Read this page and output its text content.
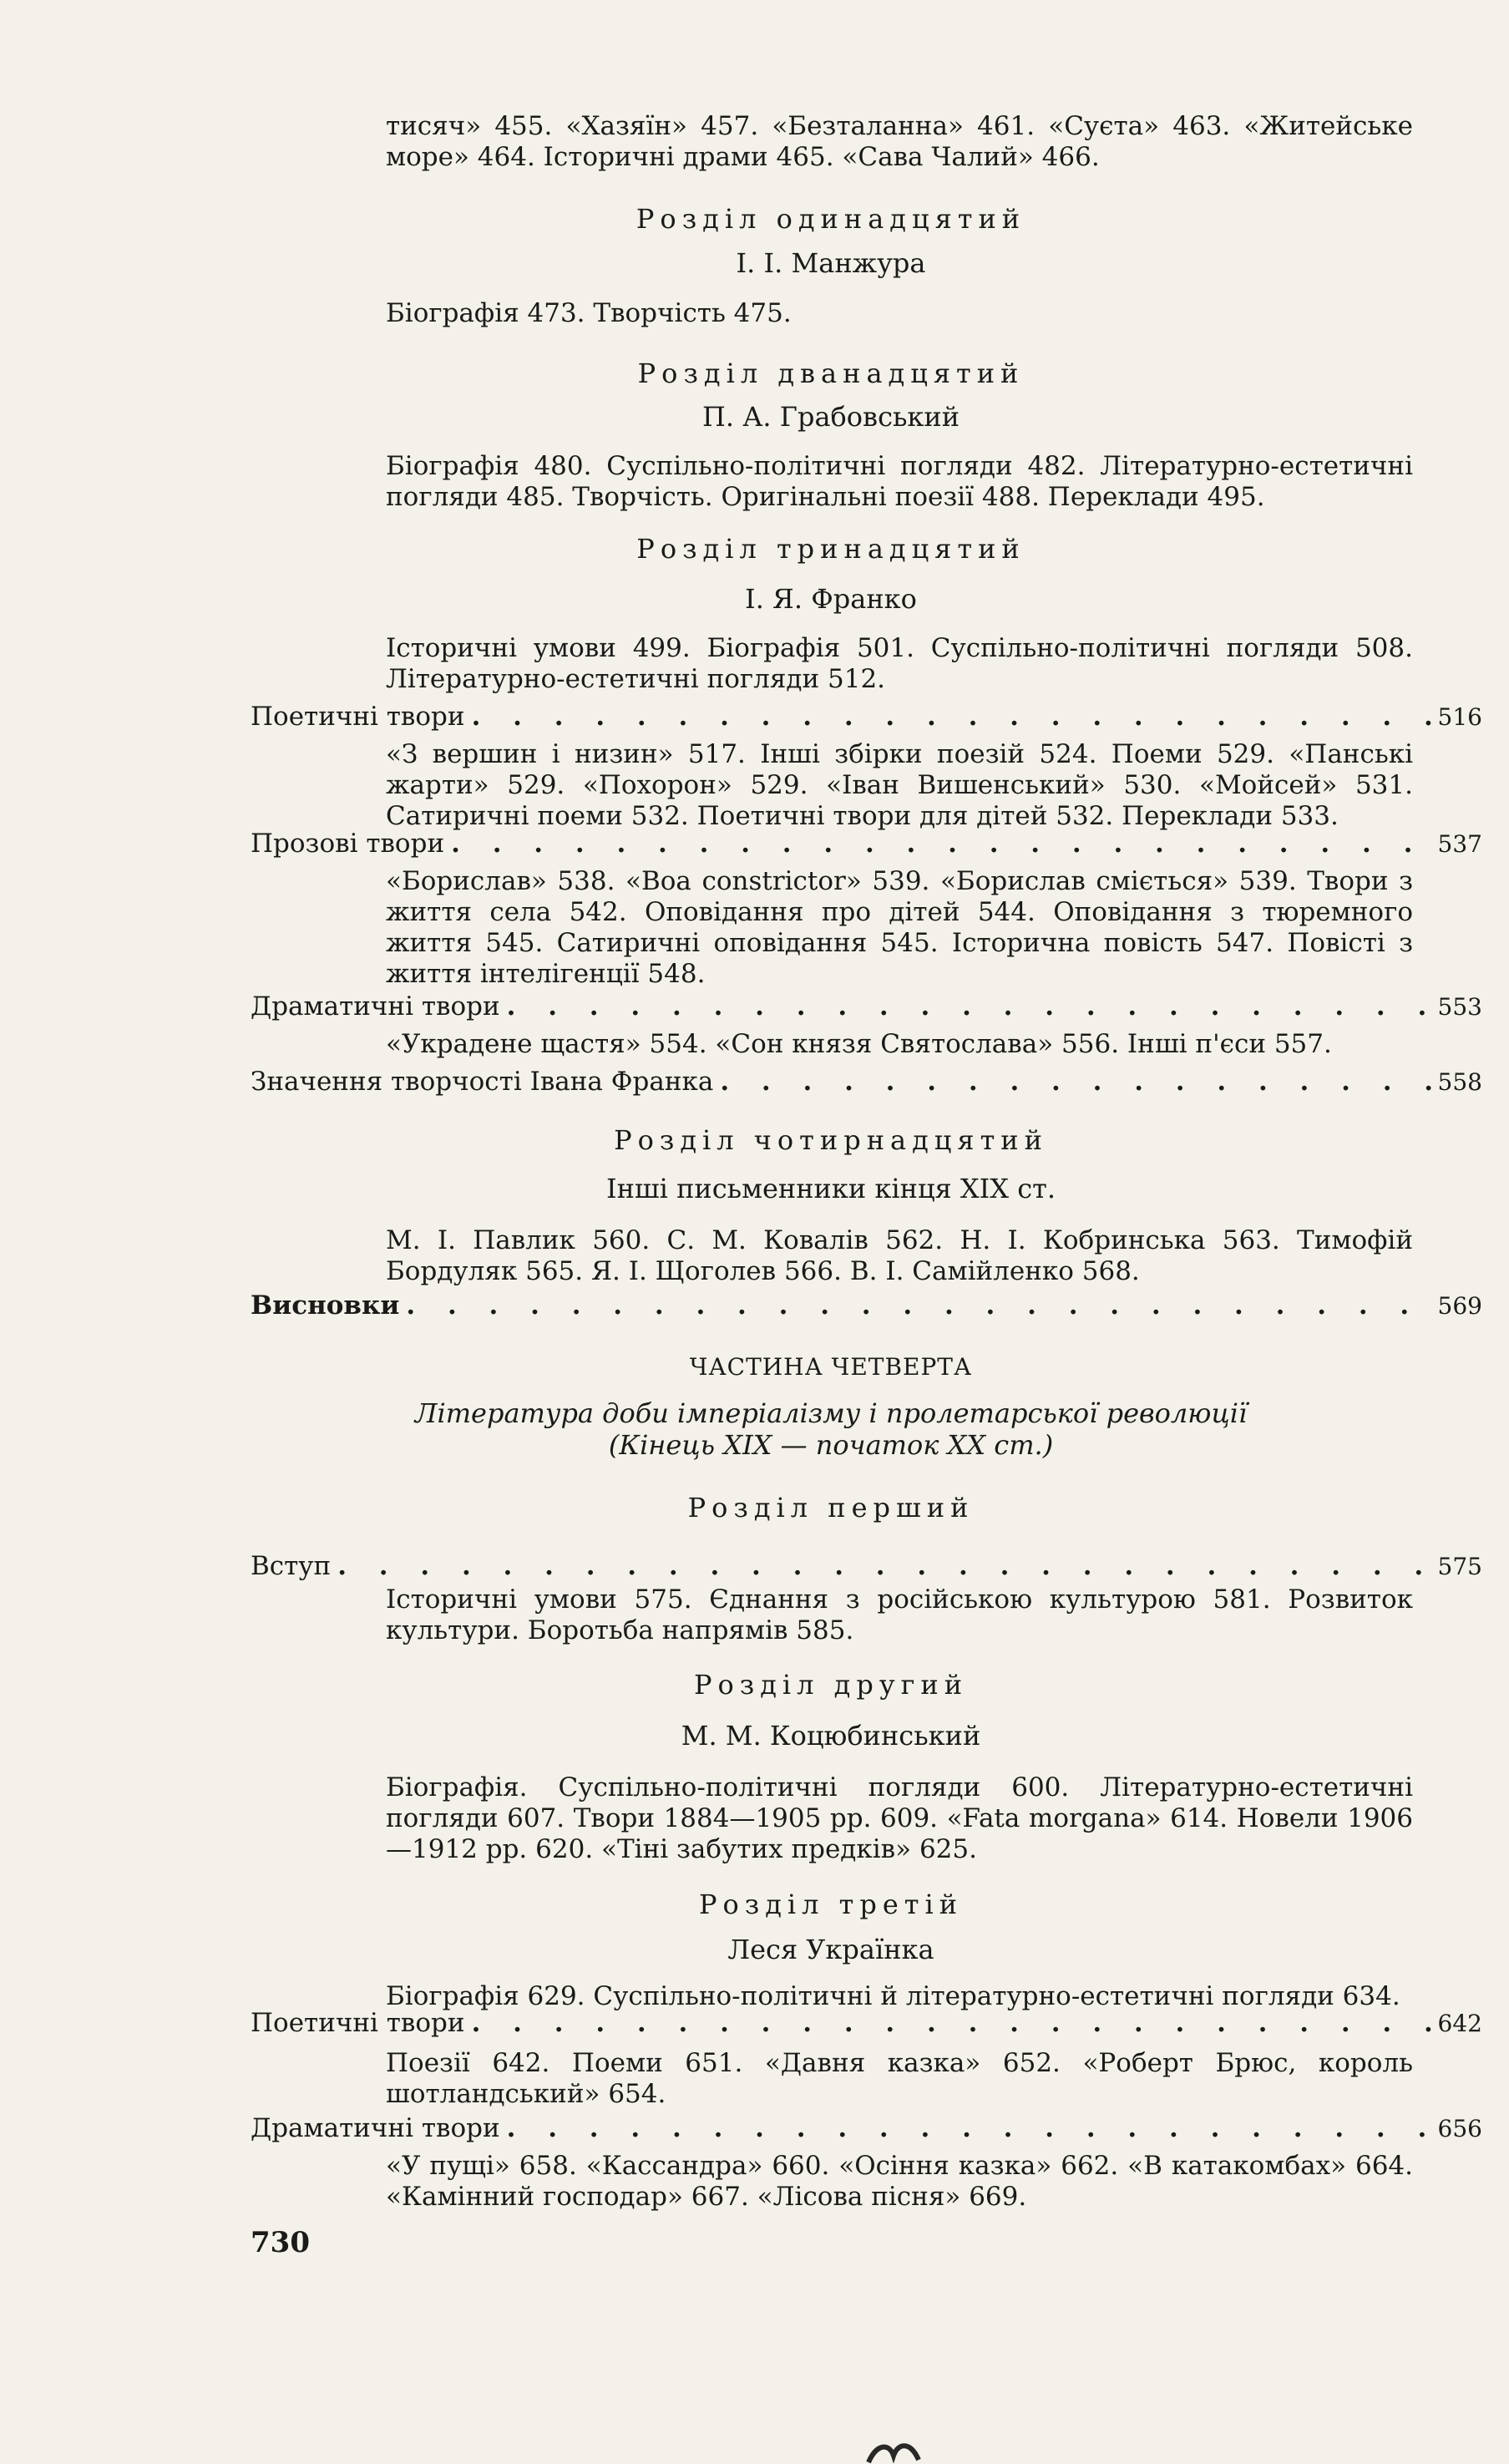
тисяч» 455. «Хазяїн» 457. «Безталанна» 461. «Суєта» 463. «Житейське море» 464. Історичні драми 465. «Сава Чалий» 466.
Розділ одинадцятий
І. І. Манжура
Біографія 473. Творчість 475.
Розділ дванадцятий
П. А. Грабовський
Біографія 480. Суспільно-політичні погляди 482. Літературно-естетичні погляди 485. Творчість. Оригінальні поезії 488. Переклади 495.
Розділ тринадцятий
І. Я. Франко
Історичні умови 499. Біографія 501. Суспільно-політичні погляди 508. Літературно-естетичні погляди 512.
Поетичні твори . . .	516
«З вершин і низин» 517. Інші збірки поезій 524. Поеми 529. «Панські жарти» 529. «Похорон» 529. «Іван Вишенський» 530. «Мойсей» 531. Сатиричні поеми 532. Поетичні твори для дітей 532. Переклади 533.
Прозові твори . . .	537
«Борислав» 538. «Boa constrictor» 539. «Борислав сміється» 539. Твори з життя села 542. Оповідання про дітей 544. Оповідання з тюремного життя 545. Сатиричні оповідання 545. Історична повість 547. Повісті з життя інтелігенції 548.
Драматичні твори . . .	553
«Украдене щастя» 554. «Сон князя Святослава» 556. Інші п'єси 557.
Значення творчості Івана Франка . . .	558
Розділ чотирнадцятий
Інші письменники кінця XIX ст.
М. І. Павлик 560. С. М. Ковалів 562. Н. І. Кобринська 563. Тимофій Бордуляк 565. Я. І. Щоголев 566. В. І. Самійленко 568.
Висновки . . .	569
ЧАСТИНА ЧЕТВЕРТА
Література доби імперіалізму і пролетарської революції
(Кінець XIX — початок XX ст.)
Розділ перший
Вступ . . .	575
Історичні умови 575. Єднання з російською культурою 581. Розвиток культури. Боротьба напрямів 585.
Розділ другий
М. М. Коцюбинський
Біографія. Суспільно-політичні погляди 600. Літературно-естетичні погляди 607. Твори 1884—1905 рр. 609. «Fata morgana» 614. Новели 1906—1912 рр. 620. «Тіні забутих предків» 625.
Розділ третій
Леся Українка
Біографія 629. Суспільно-політичні й літературно-естетичні погляди 634.
Поетичні твори . . .	642
Поезії 642. Поеми 651. «Давня казка» 652. «Роберт Брюс, король шотландський» 654.
Драматичні твори . . .	656
«У пущі» 658. «Кассандра» 660. «Осіння казка» 662. «В катакомбах» 664. «Камінний господар» 667. «Лісова пісня» 669.
730
